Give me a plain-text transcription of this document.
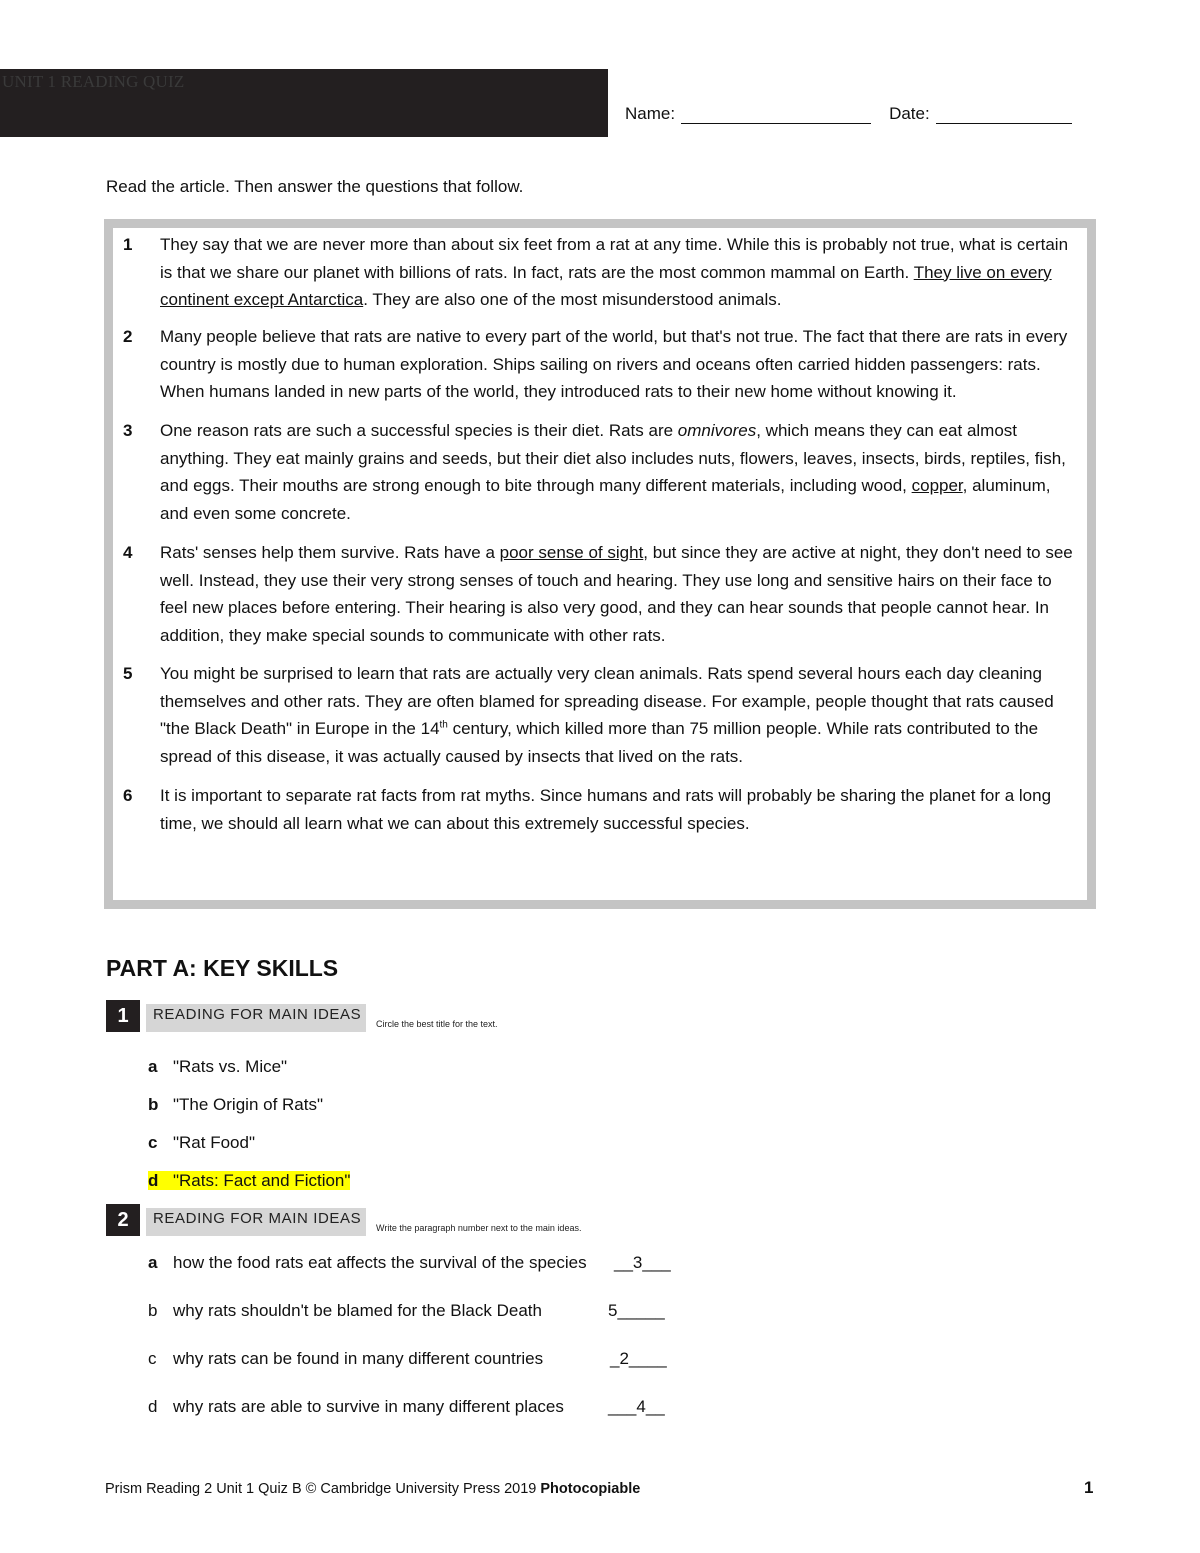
UNIT 1 READING QUIZ
Name:	Date:
Read the article. Then answer the questions that follow.
1 They say that we are never more than about six feet from a rat at any time. While this is probably not true, what is certain is that we share our planet with billions of rats. In fact, rats are the most common mammal on Earth. They live on every continent except Antarctica. They are also one of the most misunderstood animals.
2 Many people believe that rats are native to every part of the world, but that's not true. The fact that there are rats in every country is mostly due to human exploration. Ships sailing on rivers and oceans often carried hidden passengers: rats. When humans landed in new parts of the world, they introduced rats to their new home without knowing it.
3 One reason rats are such a successful species is their diet. Rats are omnivores, which means they can eat almost anything. They eat mainly grains and seeds, but their diet also includes nuts, flowers, leaves, insects, birds, reptiles, fish, and eggs. Their mouths are strong enough to bite through many different materials, including wood, copper, aluminum, and even some concrete.
4 Rats' senses help them survive. Rats have a poor sense of sight, but since they are active at night, they don't need to see well. Instead, they use their very strong senses of touch and hearing. They use long and sensitive hairs on their face to feel new places before entering. Their hearing is also very good, and they can hear sounds that people cannot hear. In addition, they make special sounds to communicate with other rats.
5 You might be surprised to learn that rats are actually very clean animals. Rats spend several hours each day cleaning themselves and other rats. They are often blamed for spreading disease. For example, people thought that rats caused "the Black Death" in Europe in the 14th century, which killed more than 75 million people. While rats contributed to the spread of this disease, it was actually caused by insects that lived on the rats.
6 It is important to separate rat facts from rat myths. Since humans and rats will probably be sharing the planet for a long time, we should all learn what we can about this extremely successful species.
PART A: KEY SKILLS
1	READING FOR MAIN IDEAS
Circle the best title for the text.
a "Rats vs. Mice"
b "The Origin of Rats"
c "Rat Food"
d "Rats: Fact and Fiction"
2	READING FOR MAIN IDEAS
Write the paragraph number next to the main ideas.
a how the food rats eat affects the survival of the species __3___
b why rats shouldn't be blamed for the Black Death	5_____
c why rats can be found in many different countries	_2____
d why rats are able to survive in many different places	___4__
Prism Reading 2 Unit 1 Quiz B © Cambridge University Press 2019 Photocopiable	1
